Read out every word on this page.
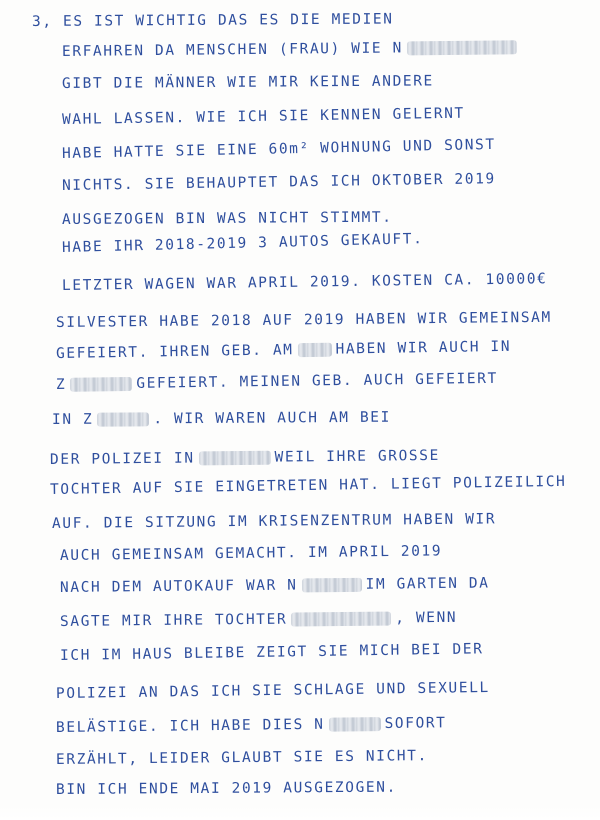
3, ES IST WICHTIG DAS ES DIE MEDIEN
ERFAHREN DA MENSCHEN (FRAU) WIE N
GIBT DIE MÄNNER WIE MIR KEINE ANDERE
WAHL LASSEN. WIE ICH SIE KENNEN GELERNT
HABE HATTE SIE EINE 60m² WOHNUNG UND SONST
NICHTS. SIE BEHAUPTET DAS ICH OKTOBER 2019
AUSGEZOGEN BIN WAS NICHT STIMMT.
HABE IHR 2018-2019 3 AUTOS GEKAUFT.
LETZTER WAGEN WAR APRIL 2019. KOSTEN CA. 10000€
SILVESTER HABE 2018 AUF 2019 HABEN WIR GEMEINSAM
GEFEIERT. IHREN GEB. AM	HABEN WIR AUCH IN
Z	GEFEIERT. MEINEN GEB. AUCH GEFEIERT
IN Z	. WIR WAREN AUCH AM BEI
DER POLIZEI IN	WEIL IHRE GROSSE
TOCHTER AUF SIE EINGETRETEN HAT. LIEGT POLIZEILICH
AUF. DIE SITZUNG IM KRISENZENTRUM HABEN WIR
AUCH GEMEINSAM GEMACHT. IM APRIL 2019
NACH DEM AUTOKAUF WAR N	IM GARTEN DA
SAGTE MIR IHRE TOCHTER	, WENN
ICH IM HAUS BLEIBE ZEIGT SIE MICH BEI DER
POLIZEI AN DAS ICH SIE SCHLAGE UND SEXUELL
BELÄSTIGE. ICH HABE DIES N	SOFORT
ERZÄHLT, LEIDER GLAUBT SIE ES NICHT.
BIN ICH ENDE MAI 2019 AUSGEZOGEN.
